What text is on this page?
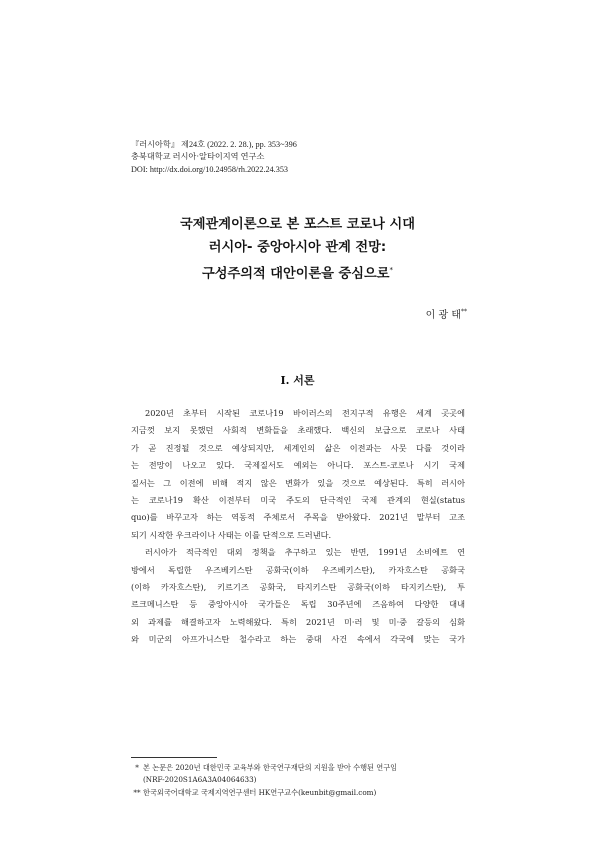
『러시아학』 제24호 (2022. 2. 28.), pp. 353~396
충북대학교 러시아·알타이지역 연구소
DOI: http://dx.doi.org/10.24958/rh.2022.24.353
국제관계이론으로 본 포스트 코로나 시대
러시아- 중앙아시아 관계 전망:
구성주의적 대안이론을 중심으로*
이 광 태**
Ⅰ. 서론
2020년 초부터 시작된 코로나19 바이러스의 전지구적 유행은 세계 곳곳에
지금껏 보지 못했던 사회적 변화들을 초래했다. 백신의 보급으로 코로나 사태
가 곧 진정될 것으로 예상되지만, 세계인의 삶은 이전과는 사뭇 다를 것이라
는 전망이 나오고 있다. 국제질서도 예외는 아니다. 포스트-코로나 시기 국제
질서는 그 이전에 비해 적지 않은 변화가 있을 것으로 예상된다. 특히 러시아
는 코로나19 확산 이전부터 미국 주도의 단극적인 국제 관계의 현실(status
quo)를 바꾸고자 하는 역동적 주체로서 주목을 받아왔다. 2021년 말부터 고조
되기 시작한 우크라이나 사태는 이를 단적으로 드러낸다.
러시아가 적극적인 대외 정책을 추구하고 있는 반면, 1991년 소비에트 연
방에서 독립한 우즈베키스탄 공화국(이하 우즈베키스탄), 카자흐스탄 공화국
(이하 카자흐스탄), 키르기즈 공화국, 타지키스탄 공화국(이하 타지키스탄), 투
르크메니스탄 등 중앙아시아 국가들은 독립 30주년에 즈음하여 다양한 대내
외 과제를 해결하고자 노력해왔다. 특히 2021년 미·러 및 미·중 갈등의 심화
와 미군의 아프가니스탄 철수라고 하는 중대 사건 속에서 각국에 맞는 국가
* 본 논문은 2020년 대한민국 교육부와 한국연구재단의 지원을 받아 수행된 연구임
(NRF-2020S1A6A3A04064633)
** 한국외국어대학교 국제지역연구센터 HK연구교수(keunbit@gmail.com)
